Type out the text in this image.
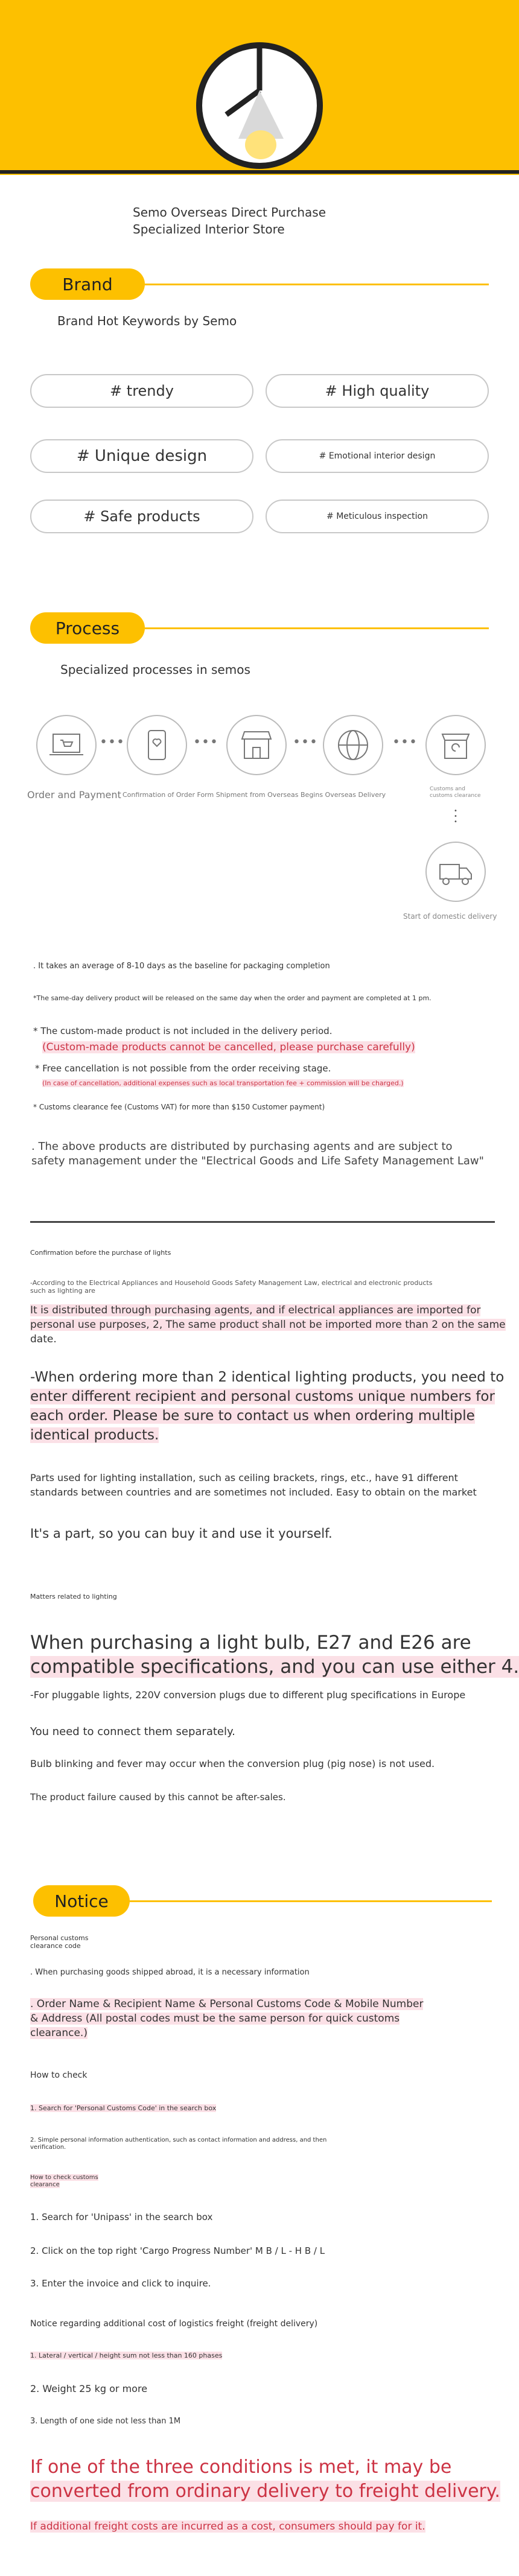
Semo Overseas Direct Purchase
Specialized Interior Store
Brand
Brand Hot Keywords by Semo
# trendy	# High quality
# Unique design	# Emotional interior design
# Safe products	# Meticulous inspection
Process
Specialized processes in semos
•••	•••	•••	•••
Order and Payment Confirmation of Order Form Shipment from Overseas Begins Overseas Delivery
Customs and
customs clearance
•
•
•
Start of domestic delivery
. It takes an average of 8-10 days as the baseline for packaging completion
*The same-day delivery product will be released on the same day when the order and payment are completed at 1 pm.
* The custom-made product is not included in the delivery period.
(Custom-made products cannot be cancelled, please purchase carefully)
* Free cancellation is not possible from the order receiving stage.
(In case of cancellation, additional expenses such as local transportation fee + commission will be charged.)
* Customs clearance fee (Customs VAT) for more than $150 Customer payment)
. The above products are distributed by purchasing agents and are subject to
safety management under the "Electrical Goods and Life Safety Management Law"
Confirmation before the purchase of lights
-According to the Electrical Appliances and Household Goods Safety Management Law, electrical and electronic products
such as lighting are
It is distributed through purchasing agents, and if electrical appliances are imported for
personal use purposes, 2, The same product shall not be imported more than 2 on the same
date.
-When ordering more than 2 identical lighting products, you need to
enter different recipient and personal customs unique numbers for
each order. Please be sure to contact us when ordering multiple
identical products.
Parts used for lighting installation, such as ceiling brackets, rings, etc., have 91 different
standards between countries and are sometimes not included. Easy to obtain on the market
It's a part, so you can buy it and use it yourself.
Matters related to lighting
When purchasing a light bulb, E27 and E26 are
compatible specifications, and you can use either 4.
-For pluggable lights, 220V conversion plugs due to different plug specifications in Europe
You need to connect them separately.
Bulb blinking and fever may occur when the conversion plug (pig nose) is not used.
The product failure caused by this cannot be after-sales.
Notice
Personal customs
clearance code
. When purchasing goods shipped abroad, it is a necessary information
. Order Name & Recipient Name & Personal Customs Code & Mobile Number
& Address (All postal codes must be the same person for quick customs
clearance.)
How to check
1. Search for 'Personal Customs Code' in the search box
2. Simple personal information authentication, such as contact information and address, and then
verification.
How to check customs
clearance
1. Search for 'Unipass' in the search box
2. Click on the top right 'Cargo Progress Number' M B / L - H B / L
3. Enter the invoice and click to inquire.
Notice regarding additional cost of logistics freight (freight delivery)
1. Lateral / vertical / height sum not less than 160 phases
2. Weight 25 kg or more
3. Length of one side not less than 1M
If one of the three conditions is met, it may be
converted from ordinary delivery to freight delivery.
If additional freight costs are incurred as a cost, consumers should pay for it.
